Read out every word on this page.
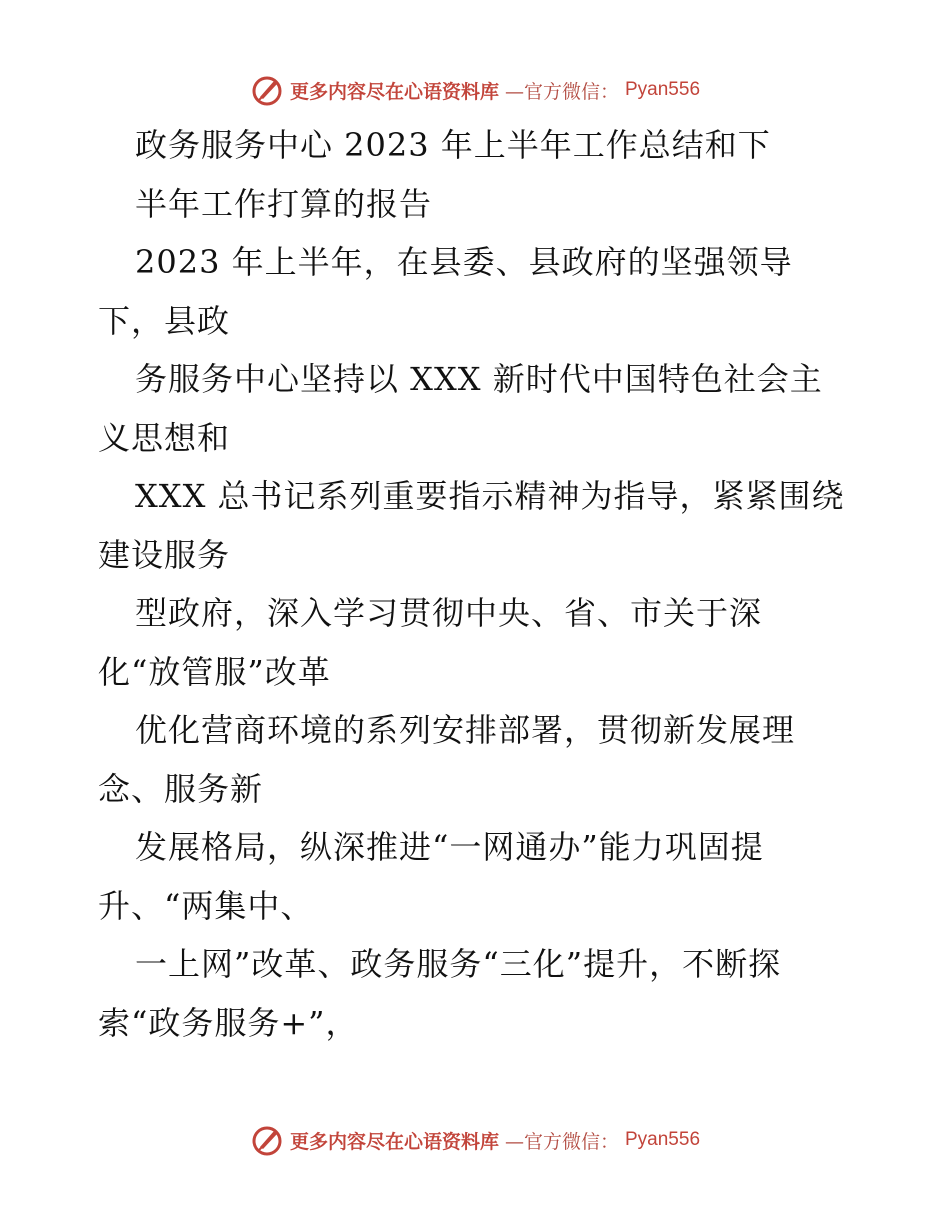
更多内容尽在心语资料库 —官方微信： Pyan556
政务服务中心 2023 年上半年工作总结和下
半年工作打算的报告
2023 年上半年，在县委、县政府的坚强领导
下，县政
务服务中心坚持以 XXX 新时代中国特色社会主
义思想和
XXX 总书记系列重要指示精神为指导，紧紧围绕
建设服务
型政府，深入学习贯彻中央、省、市关于深
化“放管服”改革
优化营商环境的系列安排部署，贯彻新发展理
念、服务新
发展格局，纵深推进“一网通办”能力巩固提
升、“两集中、
一上网”改革、政务服务“三化”提升，不断探
索“政务服务+”，
更多内容尽在心语资料库 —官方微信： Pyan556
